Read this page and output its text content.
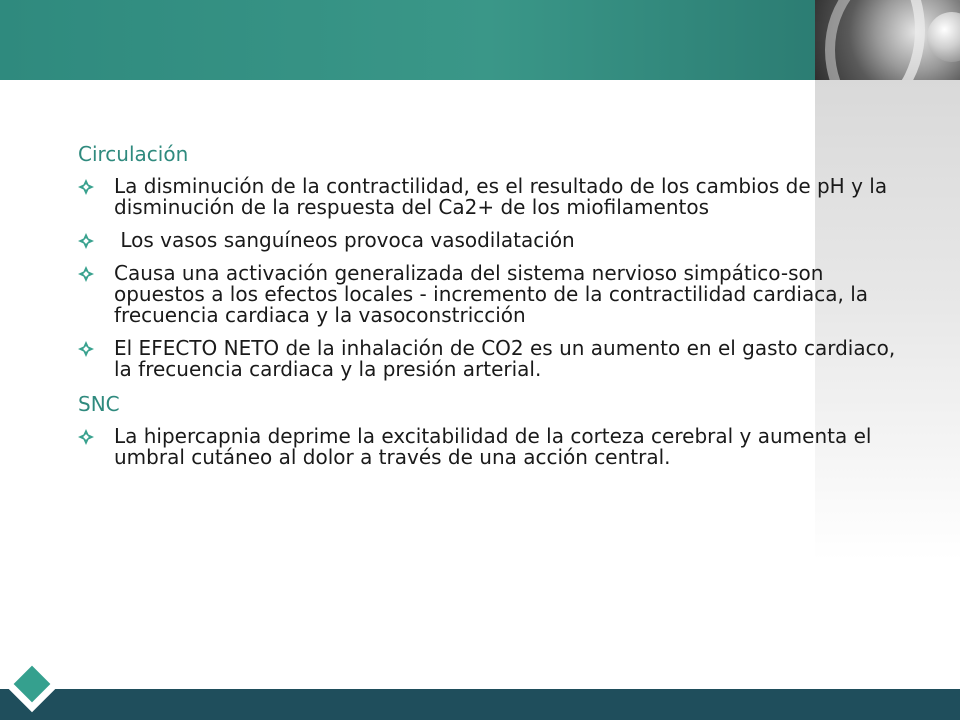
Circulación
La disminución de la contractilidad, es el resultado de los cambios de pH y la disminución de la respuesta del Ca2+ de los miofilamentos
Los vasos sanguíneos provoca vasodilatación
Causa una activación generalizada del sistema nervioso simpático-son opuestos a los efectos locales - incremento de la contractilidad cardiaca, la frecuencia cardiaca y la vasoconstricción
El EFECTO NETO de la inhalación de CO2 es un aumento en el gasto cardiaco, la frecuencia cardiaca y la presión arterial.
SNC
La hipercapnia deprime la excitabilidad de la corteza cerebral y aumenta el umbral cutáneo al dolor a través de una acción central.
